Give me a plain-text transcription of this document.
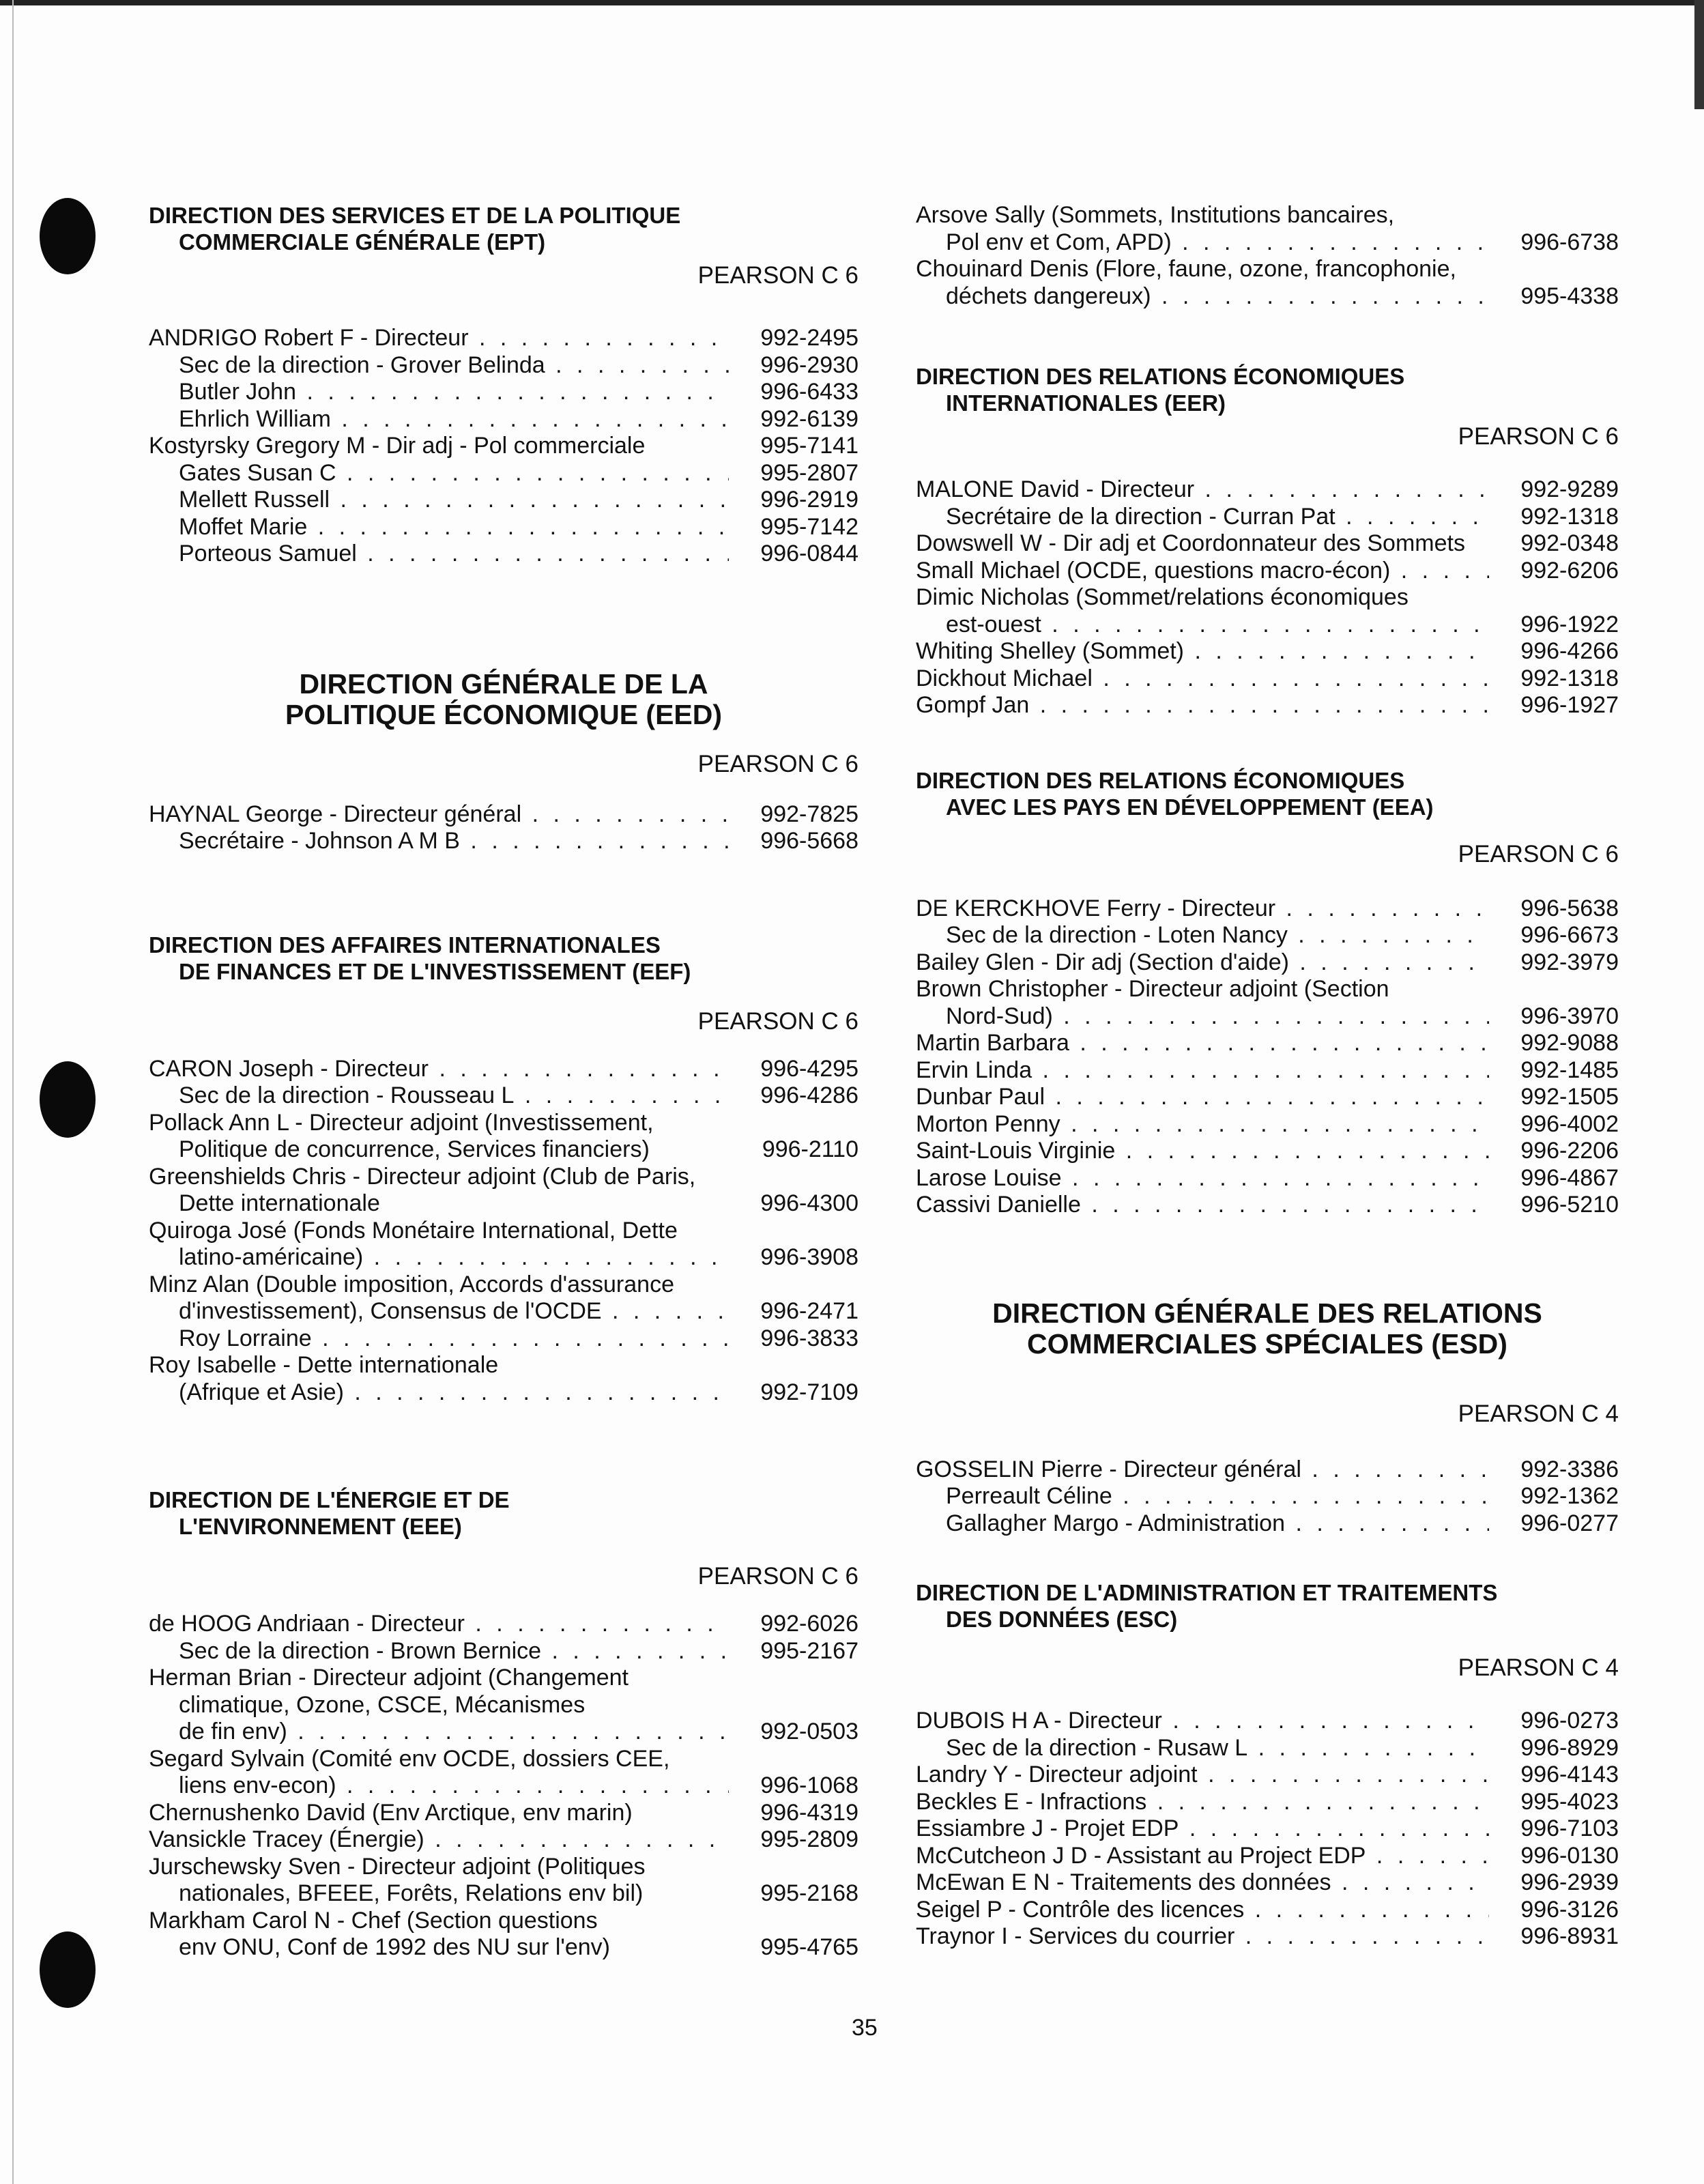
DIRECTION DES SERVICES ET DE LA POLITIQUE
COMMERCIALE GÉNÉRALE (EPT)
PEARSON C 6
ANDRIGO Robert F - Directeur . . .	992-2495
Sec de la direction - Grover Belinda . . .	996-2930
Butler John . . .	996-6433
Ehrlich William . . .	992-6139
Kostyrsky Gregory M - Dir adj - Pol commerciale	995-7141
Gates Susan C . . .	995-2807
Mellett Russell . . .	996-2919
Moffet Marie . . .	995-7142
Porteous Samuel . . .	996-0844
DIRECTION GÉNÉRALE DE LA
POLITIQUE ÉCONOMIQUE (EED)
PEARSON C 6
HAYNAL George - Directeur général . . .	992-7825
Secrétaire - Johnson A M B . . .	996-5668
DIRECTION DES AFFAIRES INTERNATIONALES
DE FINANCES ET DE L'INVESTISSEMENT (EEF)
PEARSON C 6
CARON Joseph - Directeur . . .	996-4295
Sec de la direction - Rousseau L . . .	996-4286
Pollack Ann L - Directeur adjoint (Investissement,
Politique de concurrence, Services financiers)	996-2110
Greenshields Chris - Directeur adjoint (Club de Paris,
Dette internationale	996-4300
Quiroga José (Fonds Monétaire International, Dette
latino-américaine) . . .	996-3908
Minz Alan (Double imposition, Accords d'assurance
d'investissement), Consensus de l'OCDE . . .	996-2471
Roy Lorraine . . .	996-3833
Roy Isabelle - Dette internationale
(Afrique et Asie) . . .	992-7109
DIRECTION DE L'ÉNERGIE ET DE
L'ENVIRONNEMENT (EEE)
PEARSON C 6
de HOOG Andriaan - Directeur . . .	992-6026
Sec de la direction - Brown Bernice . . .	995-2167
Herman Brian - Directeur adjoint (Changement
climatique, Ozone, CSCE, Mécanismes
de fin env) . . .	992-0503
Segard Sylvain (Comité env OCDE, dossiers CEE,
liens env-econ) . . .	996-1068
Chernushenko David (Env Arctique, env marin)	996-4319
Vansickle Tracey (Énergie) . . .	995-2809
Jurschewsky Sven - Directeur adjoint (Politiques
nationales, BFEEE, Forêts, Relations env bil)	995-2168
Markham Carol N - Chef (Section questions
env ONU, Conf de 1992 des NU sur l'env)	995-4765
Arsove Sally (Sommets, Institutions bancaires,
Pol env et Com, APD) . . .	996-6738
Chouinard Denis (Flore, faune, ozone, francophonie,
déchets dangereux) . . .	995-4338
DIRECTION DES RELATIONS ÉCONOMIQUES
INTERNATIONALES (EER)
PEARSON C 6
MALONE David - Directeur . . .	992-9289
Secrétaire de la direction - Curran Pat . . .	992-1318
Dowswell W - Dir adj et Coordonnateur des Sommets	992-0348
Small Michael (OCDE, questions macro-écon) . . .	992-6206
Dimic Nicholas (Sommet/relations économiques
est-ouest . . .	996-1922
Whiting Shelley (Sommet) . . .	996-4266
Dickhout Michael . . .	992-1318
Gompf Jan . . .	996-1927
DIRECTION DES RELATIONS ÉCONOMIQUES
AVEC LES PAYS EN DÉVELOPPEMENT (EEA)
PEARSON C 6
DE KERCKHOVE Ferry - Directeur . . .	996-5638
Sec de la direction - Loten Nancy . . .	996-6673
Bailey Glen - Dir adj (Section d'aide) . . .	992-3979
Brown Christopher - Directeur adjoint (Section
Nord-Sud) . . .	996-3970
Martin Barbara . . .	992-9088
Ervin Linda . . .	992-1485
Dunbar Paul . . .	992-1505
Morton Penny . . .	996-4002
Saint-Louis Virginie . . .	996-2206
Larose Louise . . .	996-4867
Cassivi Danielle . . .	996-5210
DIRECTION GÉNÉRALE DES RELATIONS
COMMERCIALES SPÉCIALES (ESD)
PEARSON C 4
GOSSELIN Pierre - Directeur général . . .	992-3386
Perreault Céline . . .	992-1362
Gallagher Margo - Administration . . .	996-0277
DIRECTION DE L'ADMINISTRATION ET TRAITEMENTS
DES DONNÉES (ESC)
PEARSON C 4
DUBOIS H A - Directeur . . .	996-0273
Sec de la direction - Rusaw L . . .	996-8929
Landry Y - Directeur adjoint . . .	996-4143
Beckles E - Infractions . . .	995-4023
Essiambre J - Projet EDP . . .	996-7103
McCutcheon J D - Assistant au Project EDP . . .	996-0130
McEwan E N - Traitements des données . . .	996-2939
Seigel P - Contrôle des licences . . .	996-3126
Traynor I - Services du courrier . . .	996-8931
35
